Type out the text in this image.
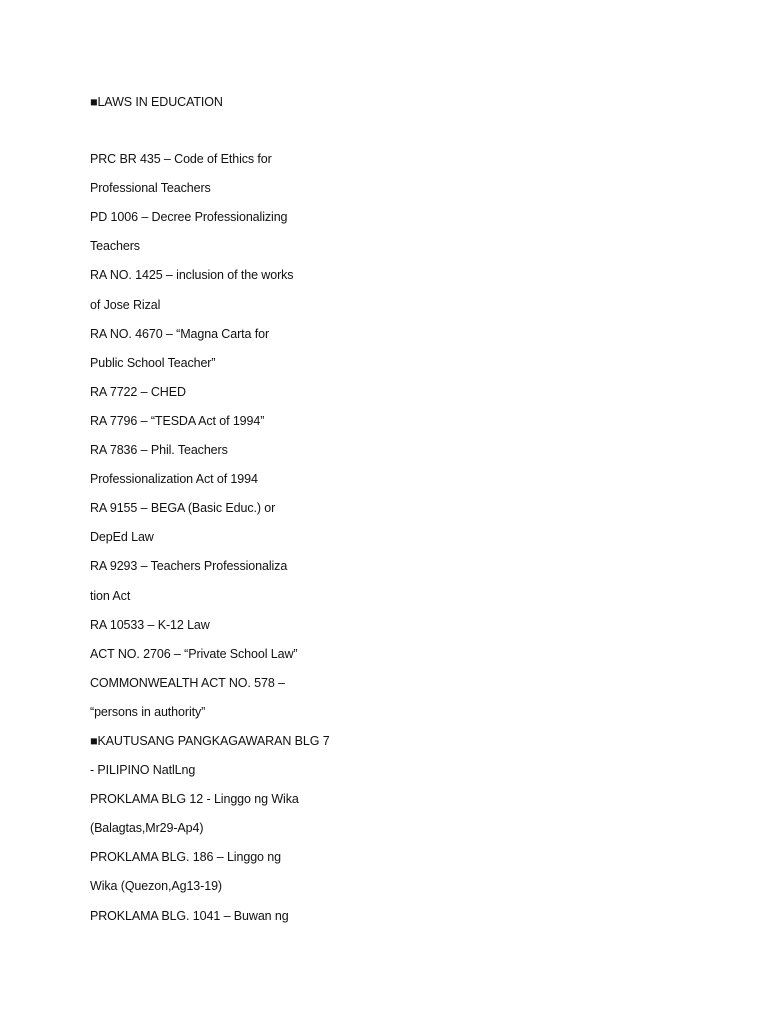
■LAWS IN EDUCATION
PRC BR 435 – Code of Ethics for
Professional Teachers
PD 1006 – Decree Professionalizing
Teachers
RA NO. 1425 – inclusion of the works
of Jose Rizal
RA NO. 4670 – “Magna Carta for
Public School Teacher”
RA 7722 – CHED
RA 7796 – “TESDA Act of 1994”
RA 7836 – Phil. Teachers
Professionalization Act of 1994
RA 9155 – BEGA (Basic Educ.) or
DepEd Law
RA 9293 – Teachers Professionaliza
tion Act
RA 10533 – K-12 Law
ACT NO. 2706 – “Private School Law”
COMMONWEALTH ACT NO. 578 –
“persons in authority”
■KAUTUSANG PANGKAGAWARAN BLG 7
- PILIPINO NatlLng
PROKLAMA BLG 12 - Linggo ng Wika
(Balagtas,Mr29-Ap4)
PROKLAMA BLG. 186 – Linggo ng
Wika (Quezon,Ag13-19)
PROKLAMA BLG. 1041 – Buwan ng
